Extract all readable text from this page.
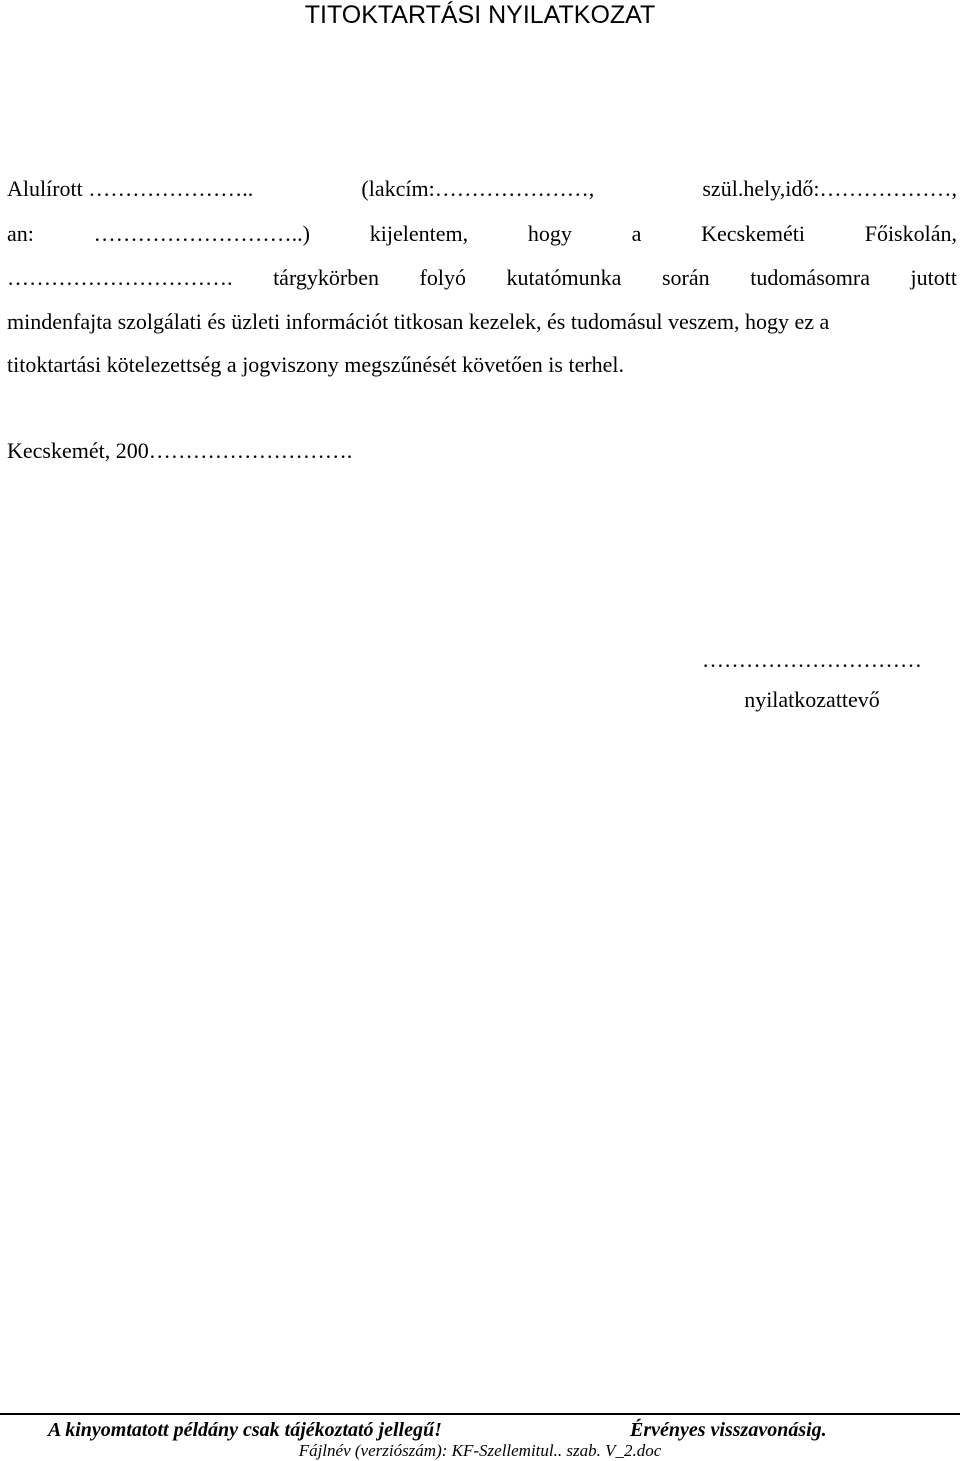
TITOKTARTÁSI NYILATKOZAT
Alulírott …………………..	(lakcím:…………………,	szül.hely,idő:………………,
an:	………………………..)	kijelentem,	hogy	a	Kecskeméti	Főiskolán,
…………………………. tárgykörben folyó kutatómunka során tudomásomra jutott
mindenfajta szolgálati és üzleti információt titkosan kezelek, és tudomásul veszem, hogy ez a
titoktartási kötelezettség a jogviszony megszűnését követően is terhel.
Kecskemét, 200……………………….
…………………………
nyilatkozattevő
A kinyomtatott példány csak tájékoztató jellegű!	Érvényes visszavonásig.
Fájlnév (verziószám): KF-Szellemitul.. szab. V_2.doc
